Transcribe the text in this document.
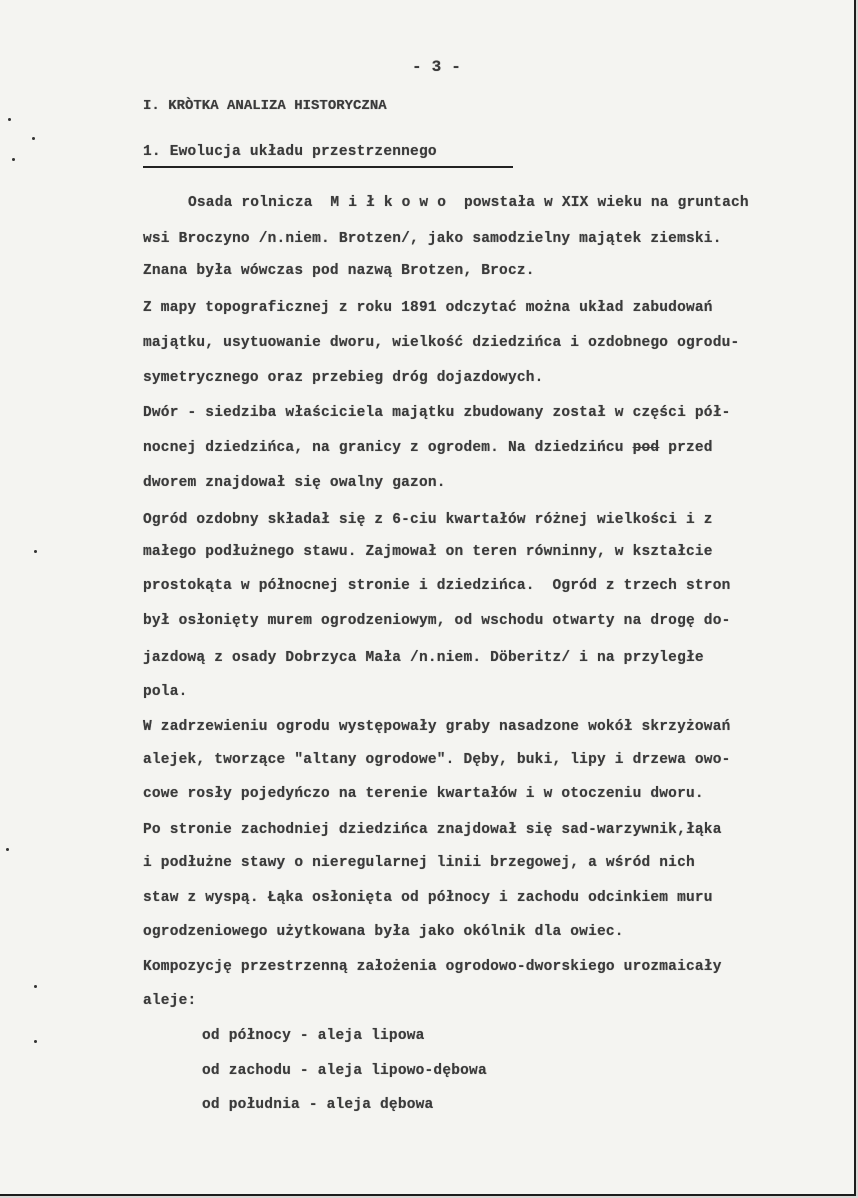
- 3 -
I. KRÒTKA ANALIZA HISTORYCZNA
1. Ewolucja układu przestrzennego
Osada rolnicza  M i ł k o w o  powstała w XIX wieku na gruntach
wsi Broczyno /n.niem. Brotzen/, jako samodzielny majątek ziemski.
Znana była wówczas pod nazwą Brotzen, Brocz.
Z mapy topograficznej z roku 1891 odczytać można układ zabudowań
majątku, usytuowanie dworu, wielkość dziedzińca i ozdobnego ogrodu-
symetrycznego oraz przebieg dróg dojazdowych.
Dwór - siedziba właściciela majątku zbudowany został w części pół-
nocnej dziedzińca, na granicy z ogrodem. Na dziedzińcu pod przed
dworem znajdował się owalny gazon.
Ogród ozdobny składał się z 6-ciu kwartałów różnej wielkości i z
małego podłużnego stawu. Zajmował on teren równinny, w kształcie
prostokąta w północnej stronie i dziedzińca.  Ogród z trzech stron
był osłonięty murem ogrodzeniowym, od wschodu otwarty na drogę do-
jazdową z osady Dobrzyca Mała /n.niem. Döberitz/ i na przyległe
pola.
W zadrzewieniu ogrodu występowały graby nasadzone wokół skrzyżowań
alejek, tworzące "altany ogrodowe". Dęby, buki, lipy i drzewa owo-
cowe rosły pojedyńczo na terenie kwartałów i w otoczeniu dworu.
Po stronie zachodniej dziedzińca znajdował się sad-warzywnik,łąka
i podłużne stawy o nieregularnej linii brzegowej, a wśród nich
staw z wyspą. Łąka osłonięta od północy i zachodu odcinkiem muru
ogrodzeniowego użytkowana była jako okólnik dla owiec.
Kompozycję przestrzenną założenia ogrodowo-dworskiego urozmaicały
aleje:
od północy - aleja lipowa
od zachodu - aleja lipowo-dębowa
od południa - aleja dębowa
